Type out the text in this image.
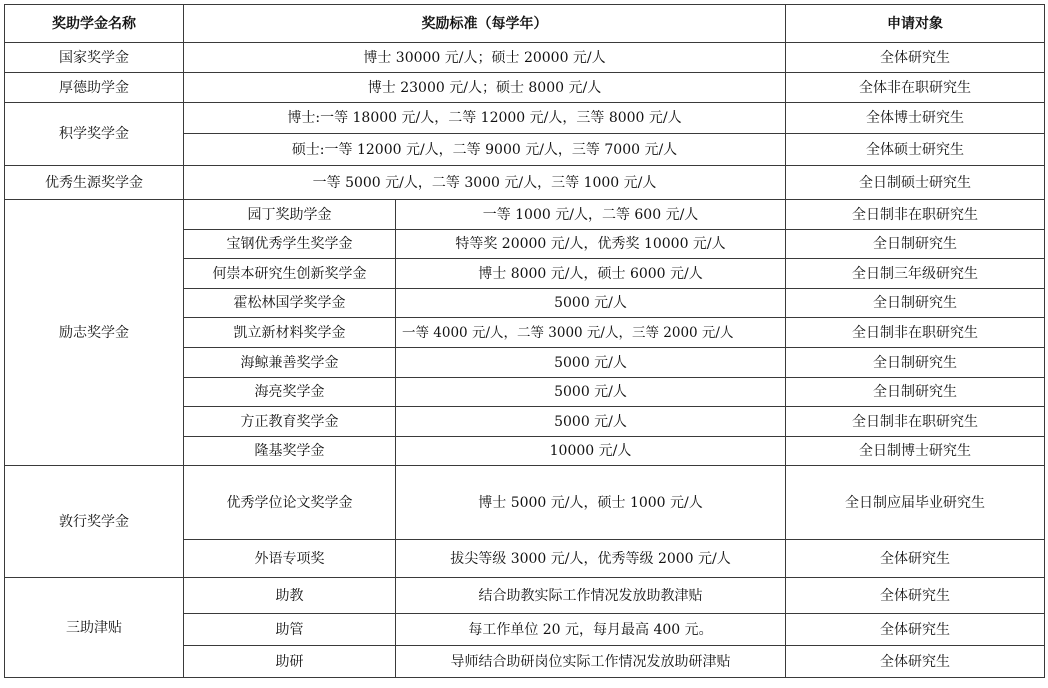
奖助学金名称	奖励标准（每学年）		申请对象
国家奖学金	博士 30000 元/人；硕士 20000 元/人		全体研究生
厚德助学金	博士 23000 元/人；硕士 8000 元/人		全体非在职研究生
积学奖学金	博士:一等 18000 元/人，二等 12000 元/人，三等 8000 元/人		全体博士研究生
	硕士:一等 12000 元/人，二等 9000 元/人，三等 7000 元/人		全体硕士研究生
优秀生源奖学金	一等 5000 元/人，二等 3000 元/人，三等 1000 元/人		全日制硕士研究生
励志奖学金	园丁奖助学金	一等 1000 元/人，二等 600 元/人	全日制非在职研究生
	宝钢优秀学生奖学金	特等奖 20000 元/人，优秀奖 10000 元/人	全日制研究生
	何崇本研究生创新奖学金	博士 8000 元/人，硕士 6000 元/人	全日制三年级研究生
	霍松林国学奖学金	5000 元/人	全日制研究生
	凯立新材料奖学金	一等 4000 元/人，二等 3000 元/人，三等 2000 元/人	全日制非在职研究生
	海鲸兼善奖学金	5000 元/人	全日制研究生
	海亮奖学金	5000 元/人	全日制研究生
	方正教育奖学金	5000 元/人	全日制非在职研究生
	隆基奖学金	10000 元/人	全日制博士研究生
敦行奖学金	优秀学位论文奖学金	博士 5000 元/人，硕士 1000 元/人	全日制应届毕业研究生
	外语专项奖	拔尖等级 3000 元/人，优秀等级 2000 元/人	全体研究生
三助津贴	助教	结合助教实际工作情况发放助教津贴	全体研究生
	助管	每工作单位 20 元，每月最高 400 元。	全体研究生
	助研	导师结合助研岗位实际工作情况发放助研津贴	全体研究生
